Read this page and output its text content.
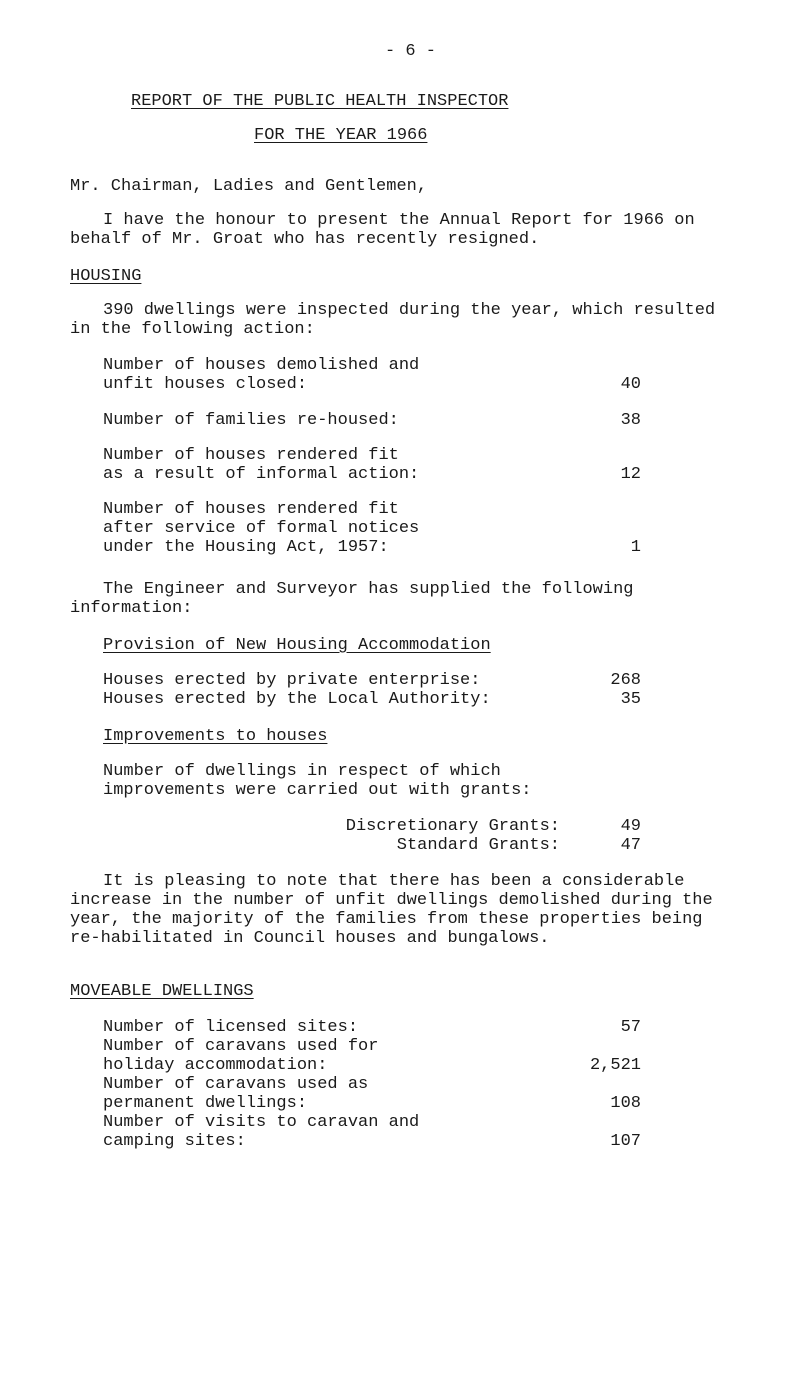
- 6 -
REPORT OF THE PUBLIC HEALTH INSPECTOR
FOR THE YEAR 1966
Mr. Chairman, Ladies and Gentlemen,
I have the honour to present the Annual Report for 1966 on
behalf of Mr. Groat who has recently resigned.
HOUSING
390 dwellings were inspected during the year, which resulted
in the following action:
Number of houses demolished and
unfit houses closed:	40
Number of families re-housed:	38
Number of houses rendered fit
as a result of informal action:	12
Number of houses rendered fit
after service of formal notices
under the Housing Act, 1957:	1
The Engineer and Surveyor has supplied the following
information:
Provision of New Housing Accommodation
Houses erected by private enterprise:	268
Houses erected by the Local Authority:	35
Improvements to houses
Number of dwellings in respect of which
improvements were carried out with grants:
Discretionary Grants:	49
Standard Grants:	47
It is pleasing to note that there has been a considerable
increase in the number of unfit dwellings demolished during the
year, the majority of the families from these properties being
re-habilitated in Council houses and bungalows.
MOVEABLE DWELLINGS
Number of licensed sites:	57
Number of caravans used for
holiday accommodation:	2,521
Number of caravans used as
permanent dwellings:	108
Number of visits to caravan and
camping sites:	107
